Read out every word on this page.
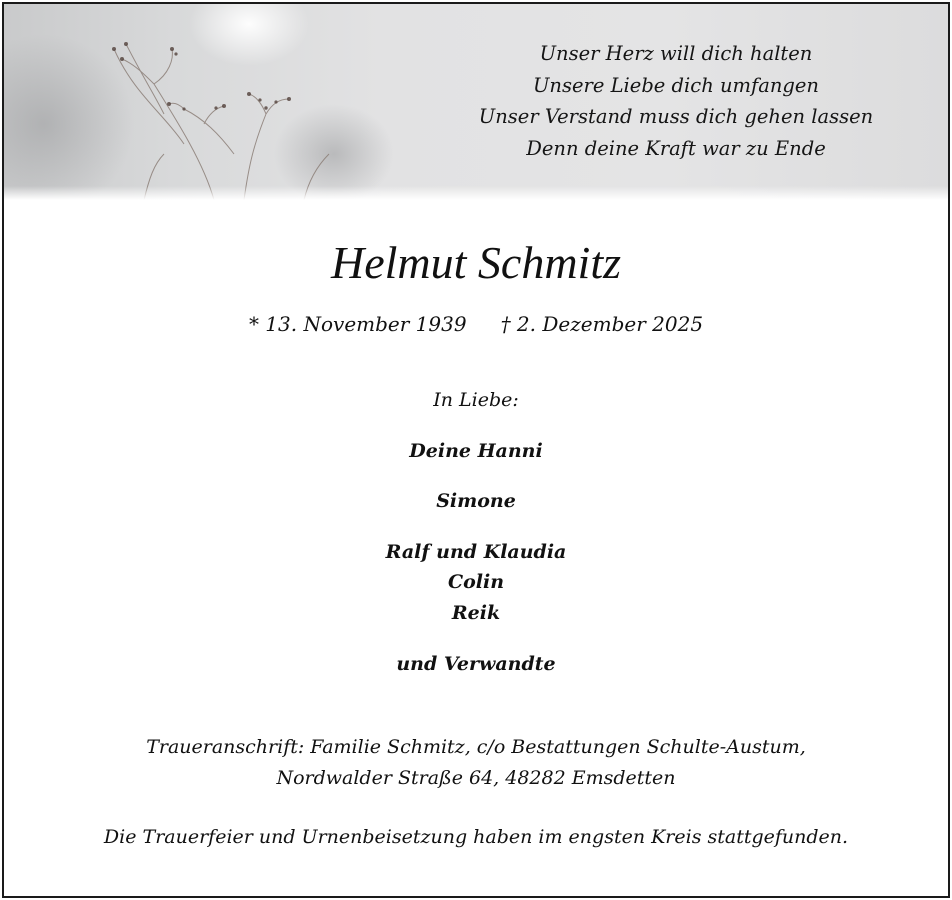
Unser Herz will dich halten
Unsere Liebe dich umfangen
Unser Verstand muss dich gehen lassen
Denn deine Kraft war zu Ende
Helmut Schmitz
* 13. November 1939 † 2. Dezember 2025
In Liebe:
Deine Hanni
Simone
Ralf und Klaudia
Colin
Reik
und Verwandte
Traueranschrift: Familie Schmitz, c/o Bestattungen Schulte-Austum,
Nordwalder Straße 64, 48282 Emsdetten
Die Trauerfeier und Urnenbeisetzung haben im engsten Kreis stattgefunden.
